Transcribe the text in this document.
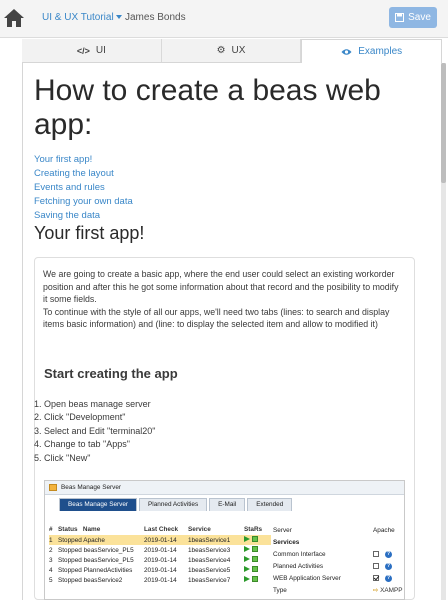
UI & UX Tutorial	James Bonds	Save
</> UI	⚙ UX	Examples
How to create a beas web app:
Your first app!
Creating the layout
Events and rules
Fetching your own data
Saving the data
Your first app!

We are going to create a basic app, where the end user could select an existing workorder position and after this he got some information about that record and the posibility to modify it some fields.

To continue with the style of all our apps, we'll need two tabs (lines: to search and display items basic information) and (line: to display the selected item and allow to modified it)

Start creating the app
1. Open beas manage server
2. Click "Development"
3. Select and Edit "terminal20"
4. Change to tab "Apps"
5. Click "New"
Beas Manage Server
Beas Manage Server	Planned Activities	E-Mail	Extended
# Status Name	Last Check	Service	StaRs
1 Stopped Apache	2019-01-14	1beasService1
2 Stopped beasService_PL5	2019-01-14	1beasService3
3 Stopped beasService_PL5	2019-01-14	1beasService4
4 Stopped PlannedActivities	2019-01-14	1beasService5
5 Stopped beasService2	2019-01-14	1beasService7
Server	Apache
Services
Common Interface	?
Planned Activities	?
WEB Application Server	?
Type	⇨ XAMPP
